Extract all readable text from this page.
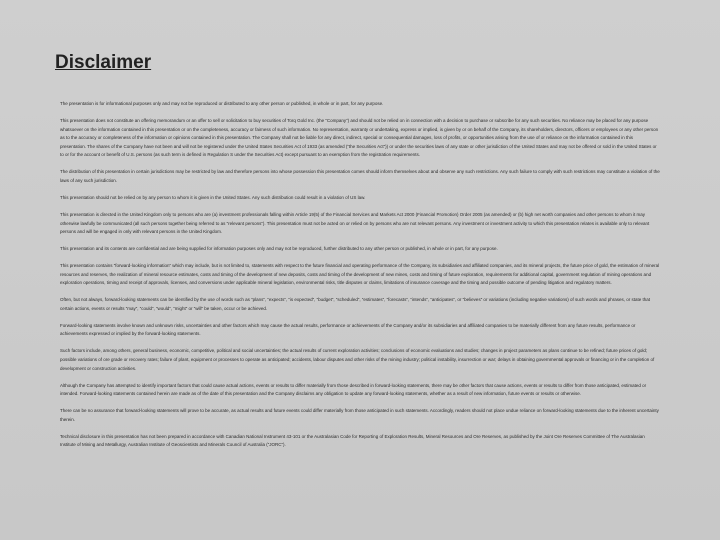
Disclaimer

The presentation is for informational purposes only and may not be reproduced or distributed to any other person or published, in whole or in part, for any purpose.

This presentation does not constitute an offering memorandum or an offer to sell or solicitation to buy securities of Torq Gold Inc. (the “Company”) and should not be relied on in connection with a decision to purchase or subscribe for any such securities. No reliance may be placed for any purpose whatsoever on the information contained in this presentation or on the completeness, accuracy or fairness of such information. No representation, warranty or undertaking, express or implied, is given by or on behalf of the Company, its shareholders, directors, officers or employees or any other person as to the accuracy or completeness of the information or opinions contained in this presentation. The Company shall not be liable for any direct, indirect, special or consequential damages, loss of profits, or opportunities arising from the use of or reliance on the information contained in this presentation. The shares of the Company have not been and will not be registered under the United States Securities Act of 1933 (as amended (“the Securities Act”)) or under the securities laws of any state or other jurisdiction of the United States and may not be offered or sold in the United States or to or for the account or benefit of U.S. persons (as such term is defined in Regulation S under the Securities Act) except pursuant to an exemption from the registration requirements.

The distribution of this presentation in certain jurisdictions may be restricted by law and therefore persons into whose possession this presentation comes should inform themselves about and observe any such restrictions. Any such failure to comply with such restrictions may constitute a violation of the laws of any such jurisdiction.

This presentation should not be relied on by any person to whom it is given in the United States. Any such distribution could result in a violation of US law.

This presentation is directed in the United Kingdom only to persons who are (a) investment professionals falling within Article 19(5) of the Financial Services and Markets Act 2000 (Financial Promotion) Order 2005 (as amended) or (b) high net worth companies and other persons to whom it may otherwise lawfully be communicated (all such persons together being referred to as “relevant persons”). This presentation must not be acted on or relied on by persons who are not relevant persons. Any investment or investment activity to which this presentation relates is available only to relevant persons and will be engaged in only with relevant persons in the United Kingdom.

This presentation and its contents are confidential and are being supplied for information purposes only and may not be reproduced, further distributed to any other person or published, in whole or in part, for any purpose.

This presentation contains “forward-looking information” which may include, but is not limited to, statements with respect to the future financial and operating performance of the Company, its subsidiaries and affiliated companies, and its mineral projects, the future price of gold, the estimation of mineral resources and reserves, the realization of mineral resource estimates, costs and timing of the development of new deposits, costs and timing of the development of new mines, costs and timing of future exploration, requirements for additional capital, government regulation of mining operations and exploration operations, timing and receipt of approvals, licenses, and conversions under applicable mineral legislation, environmental risks, title disputes or claims, limitations of insurance coverage and the timing and possible outcome of pending litigation and regulatory matters.

Often, but not always, forward-looking statements can be identified by the use of words such as “plans”, “expects”, “is expected”, “budget”, “scheduled”, “estimates”, “forecasts”, “intends”, “anticipates”, or “believes” or variations (including negative variations) of such words and phrases, or state that certain actions, events or results “may”, “could”, “would”, “might” or “will” be taken, occur or be achieved.

Forward-looking statements involve known and unknown risks, uncertainties and other factors which may cause the actual results, performance or achievements of the Company and/or its subsidiaries and affiliated companies to be materially different from any future results, performance or achievements expressed or implied by the forward-looking statements.

Such factors include, among others, general business, economic, competitive, political and social uncertainties; the actual results of current exploration activities; conclusions of economic evaluations and studies; changes in project parameters as plans continue to be refined; future prices of gold; possible variations of ore grade or recovery rates; failure of plant, equipment or processes to operate as anticipated; accidents, labour disputes and other risks of the mining industry; political instability, insurrection or war; delays in obtaining governmental approvals or financing or in the completion of development or construction activities.

Although the Company has attempted to identify important factors that could cause actual actions, events or results to differ materially from those described in forward-looking statements, there may be other factors that cause actions, events or results to differ from those anticipated, estimated or intended. Forward-looking statements contained herein are made as of the date of this presentation and the Company disclaims any obligation to update any forward-looking statements, whether as a result of new information, future events or results or otherwise.

There can be no assurance that forward-looking statements will prove to be accurate, as actual results and future events could differ materially from those anticipated in such statements. Accordingly, readers should not place undue reliance on forward-looking statements due to the inherent uncertainty therein.

Technical disclosure in this presentation has not been prepared in accordance with Canadian National Instrument 43-101 or the Australasian Code for Reporting of Exploration Results, Mineral Resources and Ore Reserves, as published by the Joint Ore Reserves Committee of The Australasian Institute of Mining and Metallurgy, Australian Institute of Geoscientists and Minerals Council of Australia (“JORC”).
